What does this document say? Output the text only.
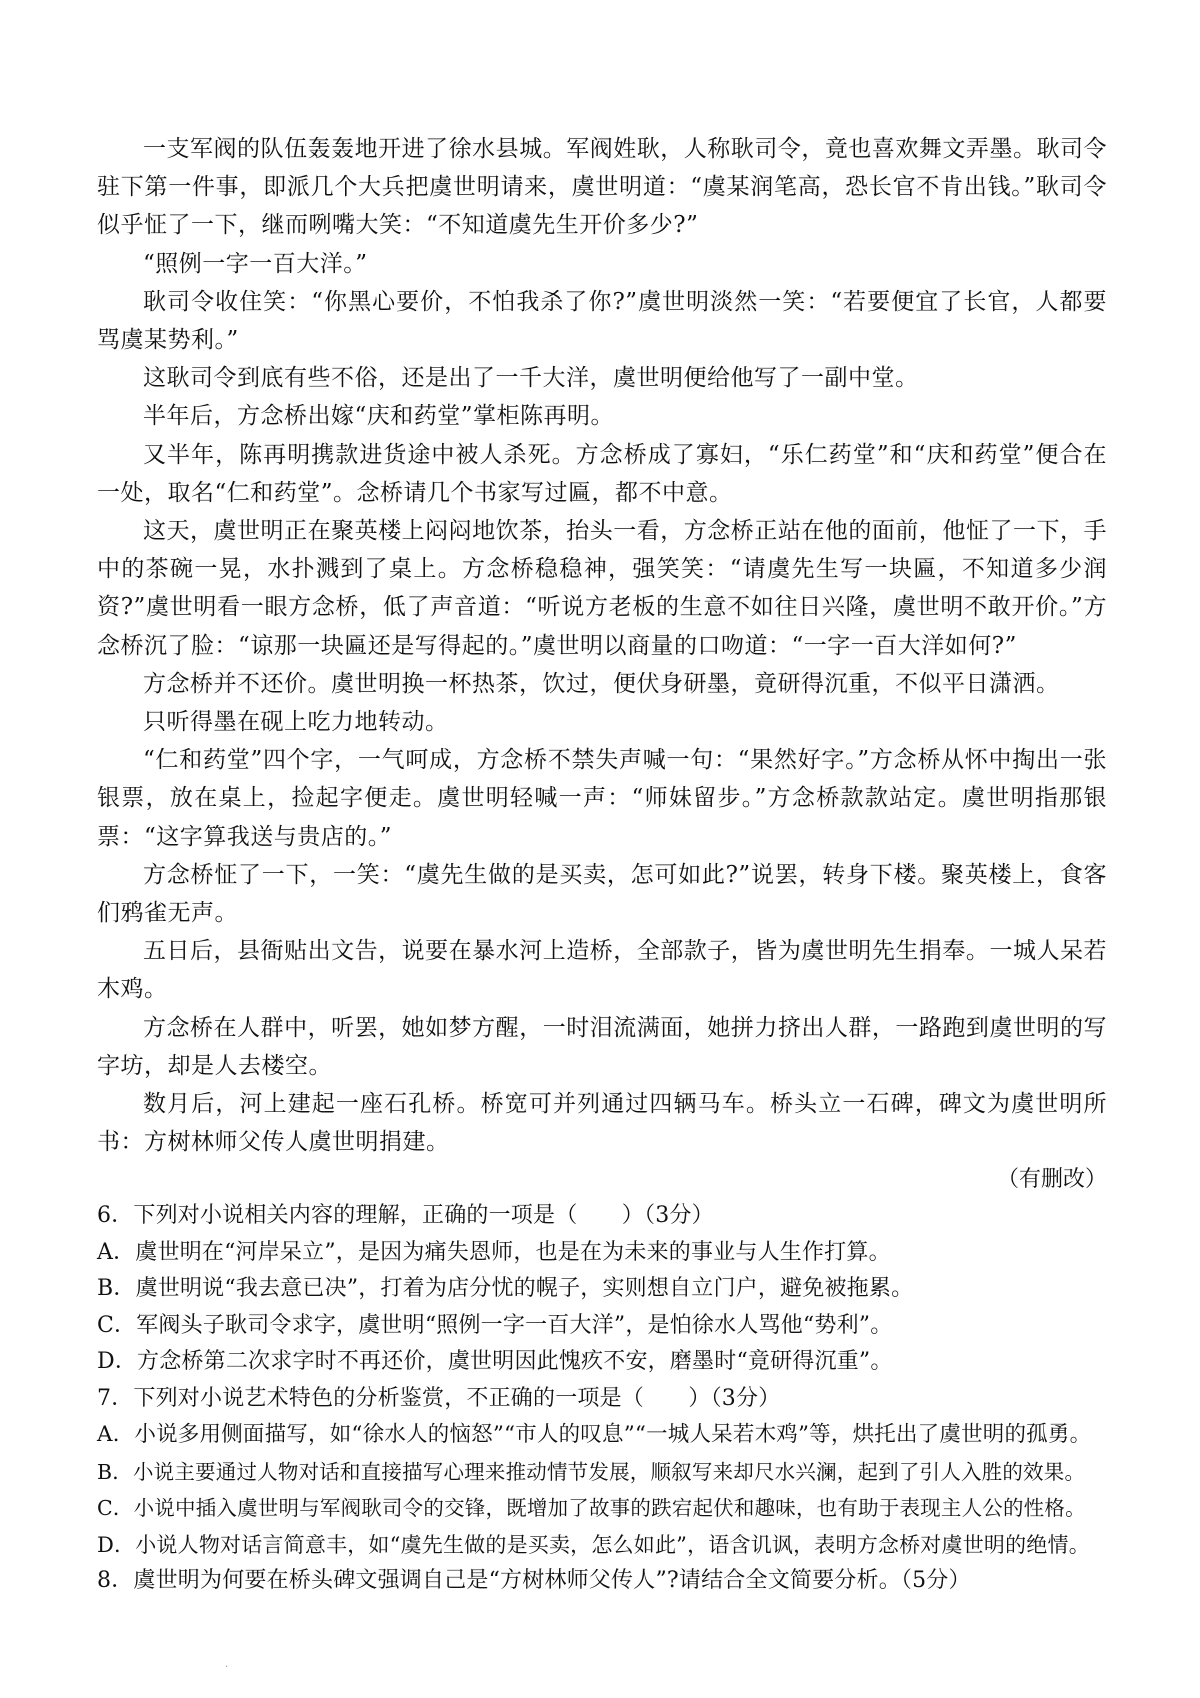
一支军阀的队伍轰轰地开进了徐水县城。军阀姓耿，人称耿司令，竟也喜欢舞文弄墨。耿司令驻下第一件事，即派几个大兵把虞世明请来，虞世明道：“虞某润笔高，恐长官不肯出钱。”耿司令似乎怔了一下，继而咧嘴大笑：“不知道虞先生开价多少?”

“照例一字一百大洋。”

耿司令收住笑：“你黑心要价，不怕我杀了你?”虞世明淡然一笑：“若要便宜了长官，人都要骂虞某势利。”

这耿司令到底有些不俗，还是出了一千大洋，虞世明便给他写了一副中堂。

半年后，方念桥出嫁“庆和药堂”掌柜陈再明。

又半年，陈再明携款进货途中被人杀死。方念桥成了寡妇，“乐仁药堂”和“庆和药堂”便合在一处，取名“仁和药堂”。念桥请几个书家写过匾，都不中意。

这天，虞世明正在聚英楼上闷闷地饮茶，抬头一看，方念桥正站在他的面前，他怔了一下，手中的茶碗一晃，水扑溅到了桌上。方念桥稳稳神，强笑笑：“请虞先生写一块匾，不知道多少润资?”虞世明看一眼方念桥，低了声音道：“听说方老板的生意不如往日兴隆，虞世明不敢开价。”方念桥沉了脸：“谅那一块匾还是写得起的。”虞世明以商量的口吻道：“一字一百大洋如何?”

方念桥并不还价。虞世明换一杯热茶，饮过，便伏身研墨，竟研得沉重，不似平日潇洒。

只听得墨在砚上吃力地转动。

“仁和药堂”四个字，一气呵成，方念桥不禁失声喊一句：“果然好字。”方念桥从怀中掏出一张银票，放在桌上，捡起字便走。虞世明轻喊一声：“师妹留步。”方念桥款款站定。虞世明指那银票：“这字算我送与贵店的。”

方念桥怔了一下，一笑：“虞先生做的是买卖，怎可如此?”说罢，转身下楼。聚英楼上，食客们鸦雀无声。

五日后，县衙贴出文告，说要在暴水河上造桥，全部款子，皆为虞世明先生捐奉。一城人呆若木鸡。

方念桥在人群中，听罢，她如梦方醒，一时泪流满面，她拼力挤出人群，一路跑到虞世明的写字坊，却是人去楼空。

数月后，河上建起一座石孔桥。桥宽可并列通过四辆马车。桥头立一石碑，碑文为虞世明所书：方树林师父传人虞世明捐建。

（有删改）

6．下列对小说相关内容的理解，正确的一项是（　　）（3分）

A．虞世明在“河岸呆立”，是因为痛失恩师，也是在为未来的事业与人生作打算。

B．虞世明说“我去意已决”，打着为店分忧的幌子，实则想自立门户，避免被拖累。

C．军阀头子耿司令求字，虞世明“照例一字一百大洋”，是怕徐水人骂他“势利”。

D．方念桥第二次求字时不再还价，虞世明因此愧疚不安，磨墨时“竟研得沉重”。

7．下列对小说艺术特色的分析鉴赏，不正确的一项是（　　）（3分）

A．小说多用侧面描写，如“徐水人的恼怒”“市人的叹息”“一城人呆若木鸡”等，烘托出了虞世明的孤勇。

B．小说主要通过人物对话和直接描写心理来推动情节发展，顺叙写来却尺水兴澜，起到了引人入胜的效果。

C．小说中插入虞世明与军阀耿司令的交锋，既增加了故事的跌宕起伏和趣味，也有助于表现主人公的性格。

D．小说人物对话言简意丰，如“虞先生做的是买卖，怎么如此”，语含讥讽，表明方念桥对虞世明的绝情。

8．虞世明为何要在桥头碑文强调自己是“方树林师父传人”?请结合全文简要分析。（5分）

·
